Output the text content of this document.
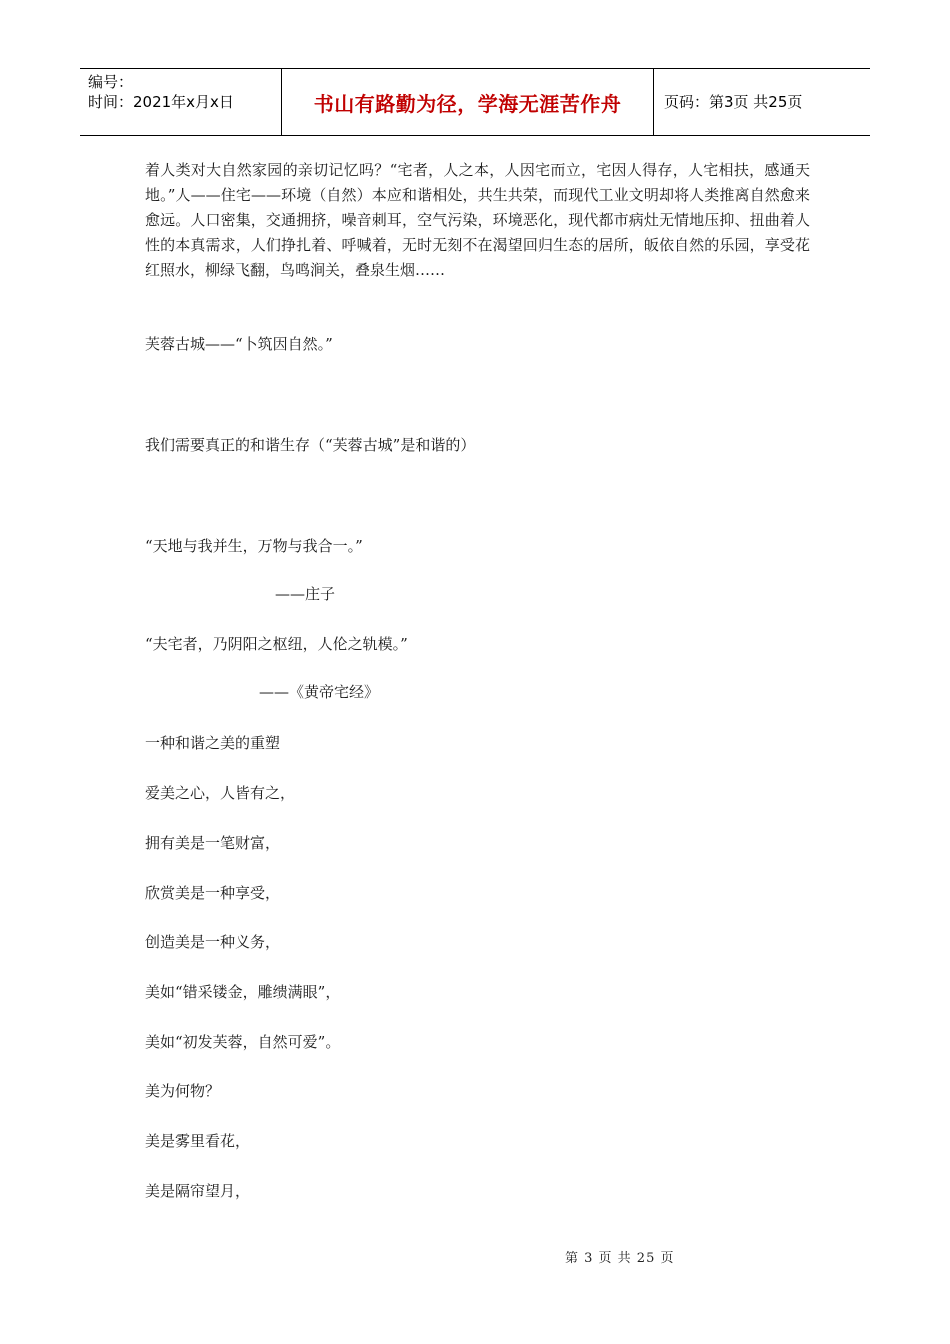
编号：
时间：2021年x月x日	书山有路勤为径，学海无涯苦作舟	页码：第3页 共25页

着人类对大自然家园的亲切记忆吗？“宅者，人之本，人因宅而立，宅因人得存，人宅相扶，感通天地。”人——住宅——环境（自然）本应和谐相处，共生共荣，而现代工业文明却将人类推离自然愈来愈远。人口密集，交通拥挤，噪音刺耳，空气污染，环境恶化，现代都市病灶无情地压抑、扭曲着人性的本真需求，人们挣扎着、呼喊着，无时无刻不在渴望回归生态的居所，皈依自然的乐园，享受花红照水，柳绿飞翻，鸟鸣涧关，叠泉生烟……

芙蓉古城——“卜筑因自然。”

我们需要真正的和谐生存（“芙蓉古城”是和谐的）

“天地与我并生，万物与我合一。”

——庄子

“夫宅者，乃阴阳之枢纽，人伦之轨模。”

——《黄帝宅经》

一种和谐之美的重塑

爱美之心，人皆有之，

拥有美是一笔财富，

欣赏美是一种享受，

创造美是一种义务，

美如“错采镂金，雕缋满眼”，

美如“初发芙蓉，自然可爱”。

美为何物？

美是雾里看花，

美是隔帘望月，

第 3 页 共 25 页
